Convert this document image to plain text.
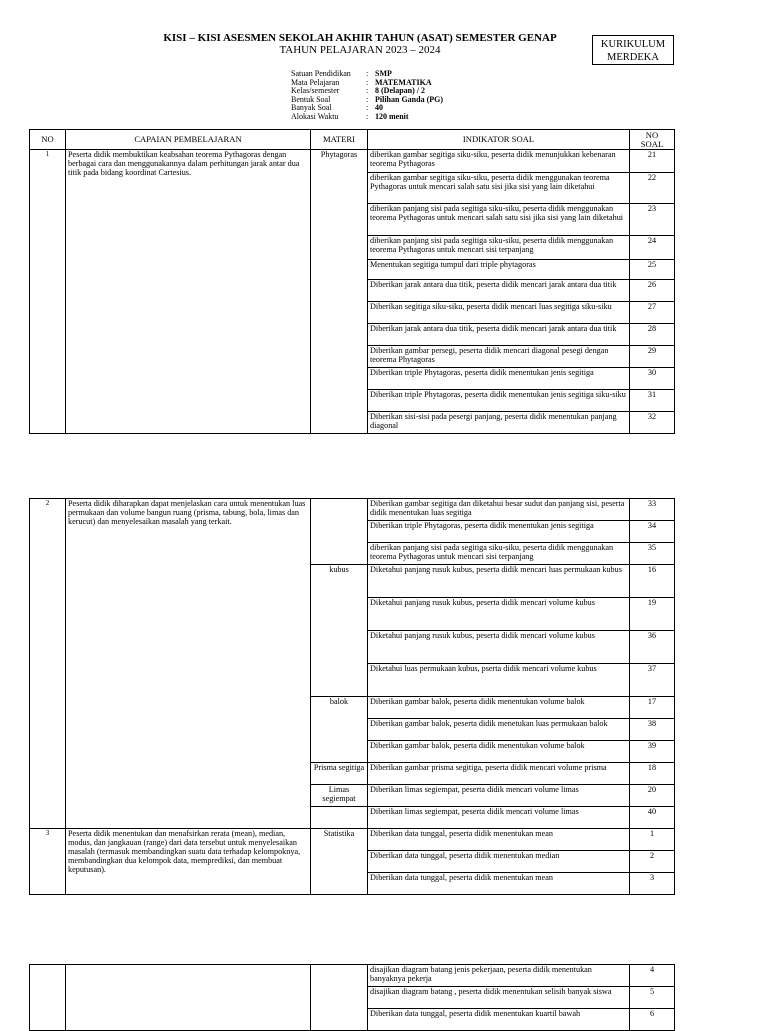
KISI – KISI ASESMEN SEKOLAH AKHIR TAHUN (ASAT) SEMESTER GENAP
TAHUN PELAJARAN 2023 – 2024	KURIKULUM
MERDEKA
Satuan Pendidikan	: SMP
Mata Pelajaran	: MATEMATIKA
Kelas/semester	: 8 (Delapan) / 2
Bentuk Soal	: Pilihan Ganda (PG)
Banyak Soal	: 40
Alokasi Waktu	: 120 menit
NO	CAPAIAN PEMBELAJARAN	MATERI	INDIKATOR SOAL	NO
SOAL
1	Peserta didik membuktikan keabsahan teorema Pythagoras dengan berbagai cara dan menggunakannya dalam perhitungan jarak antar dua titik pada bidang koordinat Cartesius.	Phytagoras	diberikan gambar segitiga siku-siku, peserta didik menunjukkan kebenaran teorema Pythagoras	21
			diberikan gambar segitiga siku-siku, peserta didik menggunakan teorema Pythagoras untuk mencari salah satu sisi jika sisi yang lain diketahui	22
			diberikan panjang sisi pada segitiga siku-siku, peserta didik menggunakan teorema Pythagoras untuk mencari salah satu sisi jika sisi yang lain diketahui	23
			diberikan panjang sisi pada segitiga siku-siku, peserta didik menggunakan teorema Pythagoras untuk mencari sisi terpanjang	24
			Menentukan segitiga tumpul dari triple phytagoras	25
			Diberikan jarak antara dua titik, peserta didik mencari jarak antara dua titik	26
			Diberikan segitiga siku-siku, peserta didik mencari luas segitiga siku-siku	27
			Diberikan jarak antara dua titik, peserta didik mencari jarak antara dua titik	28
			Diberikan gambar persegi, peserta didik mencari diagonal pesegi dengan teorema Phytagoras	29
			Diberikan triple Phytagoras, peserta didik menentukan jenis segitiga	30
			Diberikan triple Phytagoras, peserta didik menentukan jenis segitiga siku-siku	31
			Diberikan sisi-sisi pada pesergi panjang, peserta didik menentukan panjang diagonal	32
2	Peserta didik diharapkan dapat menjelaskan cara untuk menentukan luas permukaan dan volume bangun ruang (prisma, tabung, bola, limas dan kerucut) dan menyelesaikan masalah yang terkait.		Diberikan gambar segitiga dan diketahui besar sudut dan panjang sisi, peserta didik menentukan luas segitiga	33
			Diberikan triple Phytagoras, peserta didik menentukan jenis segitiga	34
			diberikan panjang sisi pada segitiga siku-siku, peserta didik menggunakan teorema Pythagoras untuk mencari sisi terpanjang	35
		kubus	Diketahui panjang rusuk kubus, peserta didik mencari luas permukaan kubus	16
			Diketahui panjang rusuk kubus, peserta didik mencari volume kubus	19
			Diketahui panjang rusuk kubus, peserta didik mencari volume kubus	36
			Diketahui luas permukaan kubus, pserta didik mencari volume kubus	37
		balok	Diberikan gambar balok, peserta didik menentukan volume balok	17
			Diberikan gambar balok, peserta didik menetukan luas permukaan balok	38
			Diberikan gambar balok, peserta didik menentukan volume balok	39
		Prisma segitiga	Diberikan gambar prisma segitiga, peserta didik mencari volume prisma	18
		Limas segiempat	Diberikan limas segiempat, peserta didik mencari volume limas	20
			Diberikan limas segiempat, peserta didik mencari volume limas	40
3	Peserta didik menentukan dan menafsirkan rerata (mean), median, modus, dan jangkauan (range) dari data tersebut untuk menyelesaikan masalah (termasuk membandingkan suatu data terhadap kelompoknya, membandingkan dua kelompok data, memprediksi, dan membuat keputusan).	Statistika	Diberikan data tunggal, peserta didik menentukan mean	1
			Diberikan data tunggal, peserta didik menentukan median	2
			Diberikan data tunggal, peserta didik menentukan mean	3
			disajikan diagram batang jenis pekerjaan, peserta didik menentukan banyaknya pekerja	4
			disajikan diagram batang , peserta didik menentukan selisih banyak siswa	5
			Diberikan data tunggal, peserta didik menentukan kuartil bawah	6
